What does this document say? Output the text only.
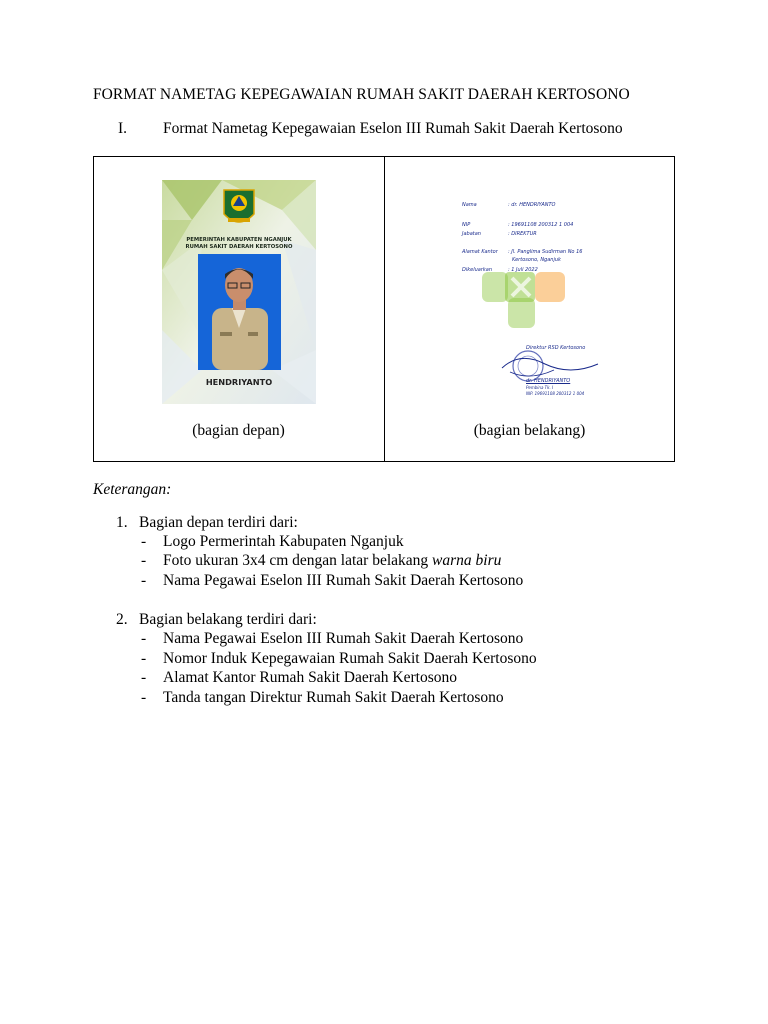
FORMAT NAMETAG KEPEGAWAIAN RUMAH SAKIT DAERAH KERTOSONO
I. Format Nametag Kepegawaian Eselon III Rumah Sakit Daerah Kertosono
PEMERINTAH KABUPATEN NGANJUK
RUMAH SAKIT DAERAH KERTOSONO
HENDRIYANTO
Nama	: dr. HENDRIYANTO
NIP	: 19691108 200312 1 004
Jabatan	: DIREKTUR
Alamat Kantor : Jl. Panglima Sudirman No 16
Kertosono, Nganjuk
Dikeluarkan	: 1 Juli 2022
Direktur RSD Kertosono
dr. HENDRIYANTO
Pembina Tk. I
NIP. 19691108 200312 1 004
(bagian depan)	(bagian belakang)
Keterangan:
1. Bagian depan terdiri dari:
- Logo Permerintah Kabupaten Nganjuk
- Foto ukuran 3x4 cm dengan latar belakang warna biru
- Nama Pegawai Eselon III Rumah Sakit Daerah Kertosono
2. Bagian belakang terdiri dari:
- Nama Pegawai Eselon III Rumah Sakit Daerah Kertosono
- Nomor Induk Kepegawaian Rumah Sakit Daerah Kertosono
- Alamat Kantor Rumah Sakit Daerah Kertosono
- Tanda tangan Direktur Rumah Sakit Daerah Kertosono
